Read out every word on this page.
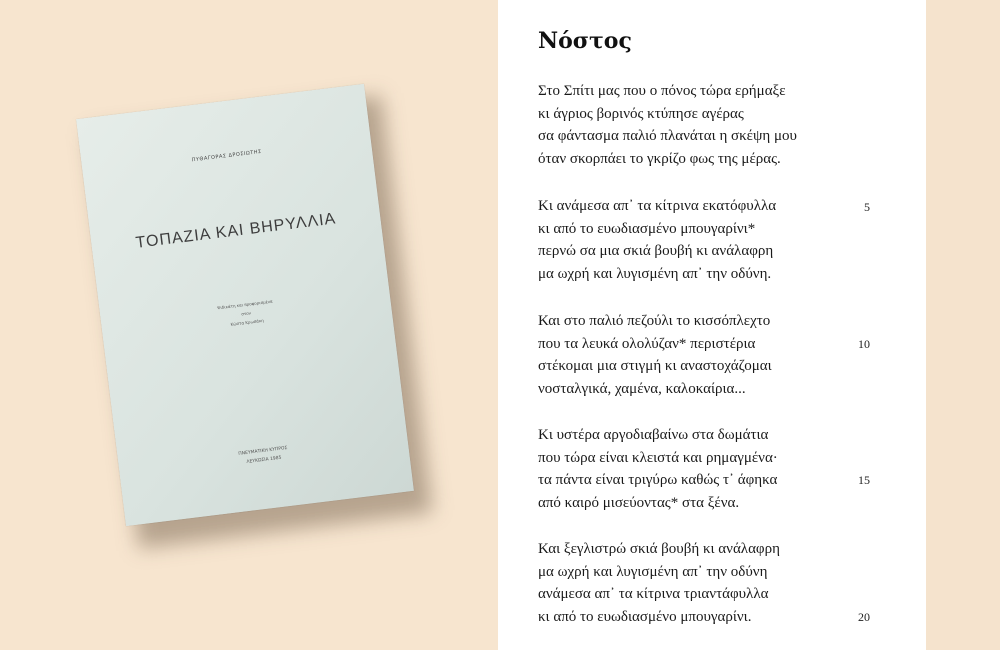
ΠΥΘΑΓΟΡΑΣ ΔΡΟΣΙΩΤΗΣ
ΤΟΠΑΖΙΑ ΚΑΙ ΒΗΡΥΛΛΙΑ
Ψιδικάτη και προφορισμένα
στον
Κώστα Κρωσάκη
ΠΝΕΥΜΑΤΙΚΗ ΚΥΠΡΟΣ
ΛΕΥΚΩΣΙΑ 1985
Νόστος
Στο Σπίτι μας που ο πόνος τώρα ερήμαξε
κι άγριος βορινός κτύπησε αγέρας
σα φάντασμα παλιό πλανάται η σκέψη μου
όταν σκορπάει το γκρίζο φως της μέρας.
Κι ανάμεσα απ᾽ τα κίτρινα εκατόφυλλα
κι από το ευωδιασμένο μπουγαρίνι*
περνώ σα μια σκιά βουβή κι ανάλαφρη
μα ωχρή και λυγισμένη απ᾽ την οδύνη.
5
Και στο παλιό πεζούλι το κισσόπλεχτο
που τα λευκά ολολύζαν* περιστέρια
στέκομαι μια στιγμή κι αναστοχάζομαι
νοσταλγικά, χαμένα, καλοκαίρια...
10
Κι υστέρα αργοδιαβαίνω στα δωμάτια
που τώρα είναι κλειστά και ρημαγμένα·
τα πάντα είναι τριγύρω καθώς τ᾽ άφηκα
από καιρό μισεύοντας* στα ξένα.
15
Και ξεγλιστρώ σκιά βουβή κι ανάλαφρη
μα ωχρή και λυγισμένη απ᾽ την οδύνη
ανάμεσα απ᾽ τα κίτρινα τριαντάφυλλα
κι από το ευωδιασμένο μπουγαρίνι.	20
